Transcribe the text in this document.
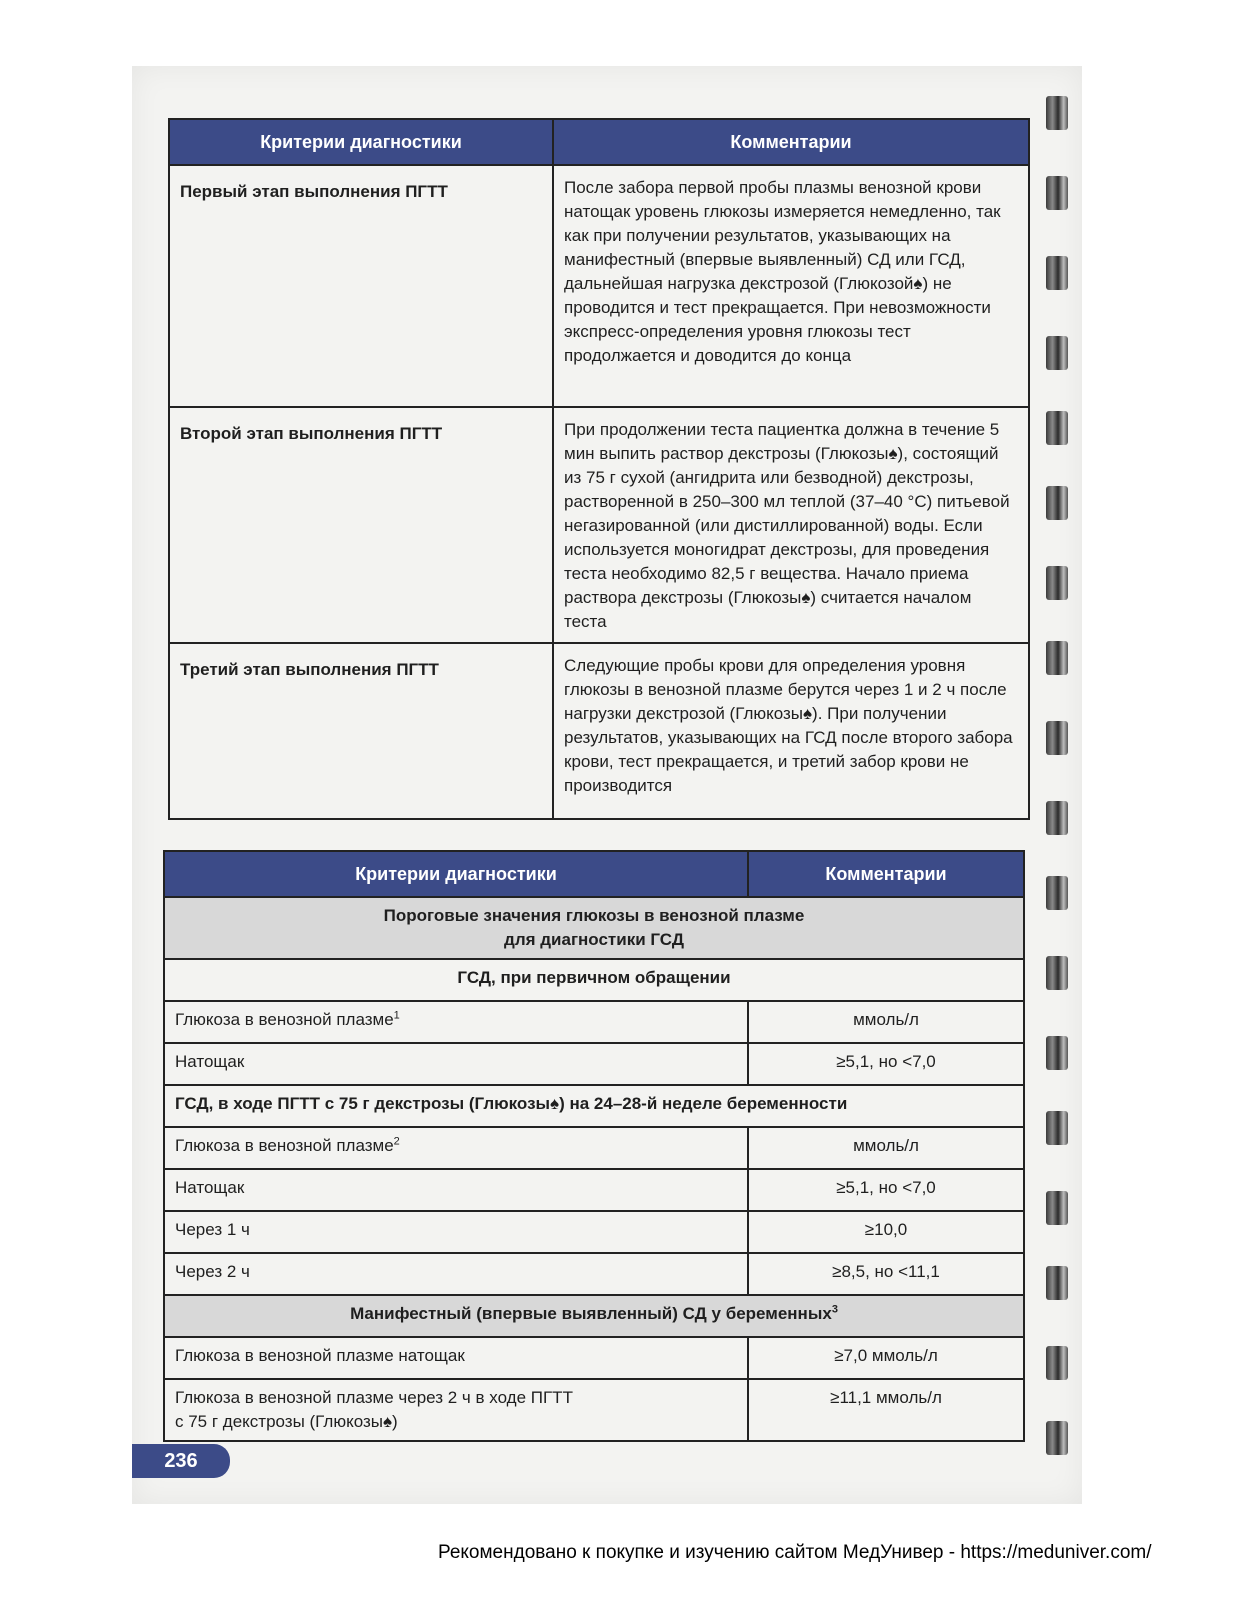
Критерии диагностики	Комментарии
Первый этап выполнения ПГТТ	После забора первой пробы плазмы венозной крови натощак уровень глюкозы измеряется немедленно, так как при получении результатов, указывающих на манифестный (впервые выявленный) СД или ГСД, дальнейшая нагрузка декстрозой (Глюкозой♠) не проводится и тест прекращается. При невозможности экспресс-определения уровня глюкозы тест продолжается и доводится до конца
Второй этап выполнения ПГТТ	При продолжении теста пациентка должна в течение 5 мин выпить раствор декстрозы (Глюкозы♠), состоящий из 75 г сухой (ангидрита или безводной) декстрозы, растворенной в 250–300 мл теплой (37–40 °С) питьевой негазированной (или дистиллированной) воды. Если используется моногидрат декстрозы, для проведения теста необходимо 82,5 г вещества. Начало приема раствора декстрозы (Глюкозы♠) считается началом теста
Третий этап выполнения ПГТТ	Следующие пробы крови для определения уровня глюкозы в венозной плазме берутся через 1 и 2 ч после нагрузки декстрозой (Глюкозы♠). При получении результатов, указывающих на ГСД после второго забора крови, тест прекращается, и третий забор крови не производится
Критерии диагностики	Комментарии

Пороговые значения глюкозы в венозной плазме
для диагностики ГСД	

ГСД, при первичном обращении	
Глюкоза в венозной плазме$^1$	ммоль/л
Натощак	≥5,1, но <7,0
ГСД, в ходе ПГТТ с 75 г декстрозы (Глюкозы♠) на 24–28-й неделе беременности	
Глюкоза в венозной плазме$^2$	ммоль/л
Натощак	≥5,1, но <7,0
Через 1 ч	≥10,0
Через 2 ч	≥8,5, но <11,1
Манифестный (впервые выявленный) СД у беременных$^3$
Глюкоза в венозной плазме натощак	≥7,0 ммоль/л

Глюкоза в венозной плазме через 2 ч в ходе ПГТТ
с 75 г декстрозы (Глюкозы♠)	≥11,1 ммоль/л
236
Рекомендовано к покупке и изучению сайтом МедУнивер - https://meduniver.com/
